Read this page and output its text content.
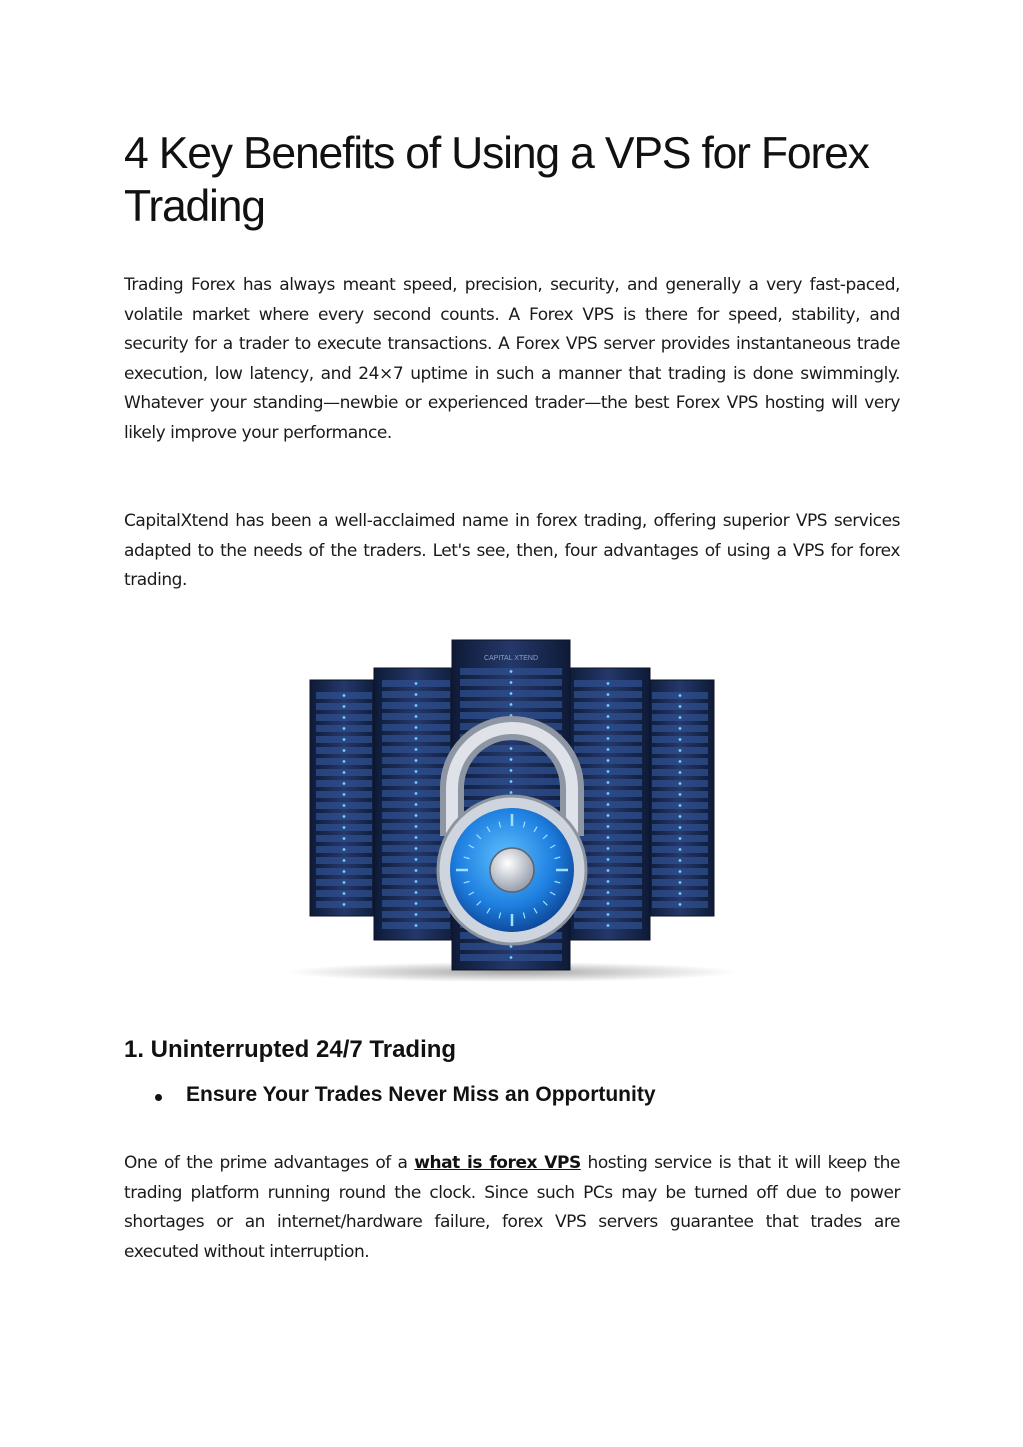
4 Key Benefits of Using a VPS for Forex Trading

Trading Forex has always meant speed, precision, security, and generally a very fast-paced, volatile market where every second counts. A Forex VPS is there for speed, stability, and security for a trader to execute transactions. A Forex VPS server provides instantaneous trade execution, low latency, and 24×7 uptime in such a manner that trading is done swimmingly. Whatever your standing—newbie or experienced trader—the best Forex VPS hosting will very likely improve your performance.

CapitalXtend has been a well-acclaimed name in forex trading, offering superior VPS services adapted to the needs of the traders. Let's see, then, four advantages of using a VPS for forex trading.

1. Uninterrupted 24/7 Trading
Ensure Your Trades Never Miss an Opportunity

One of the prime advantages of a what is forex VPS hosting service is that it will keep the trading platform running round the clock. Since such PCs may be turned off due to power shortages or an internet/hardware failure, forex VPS servers guarantee that trades are executed without interruption.

CAPITAL XTEND
